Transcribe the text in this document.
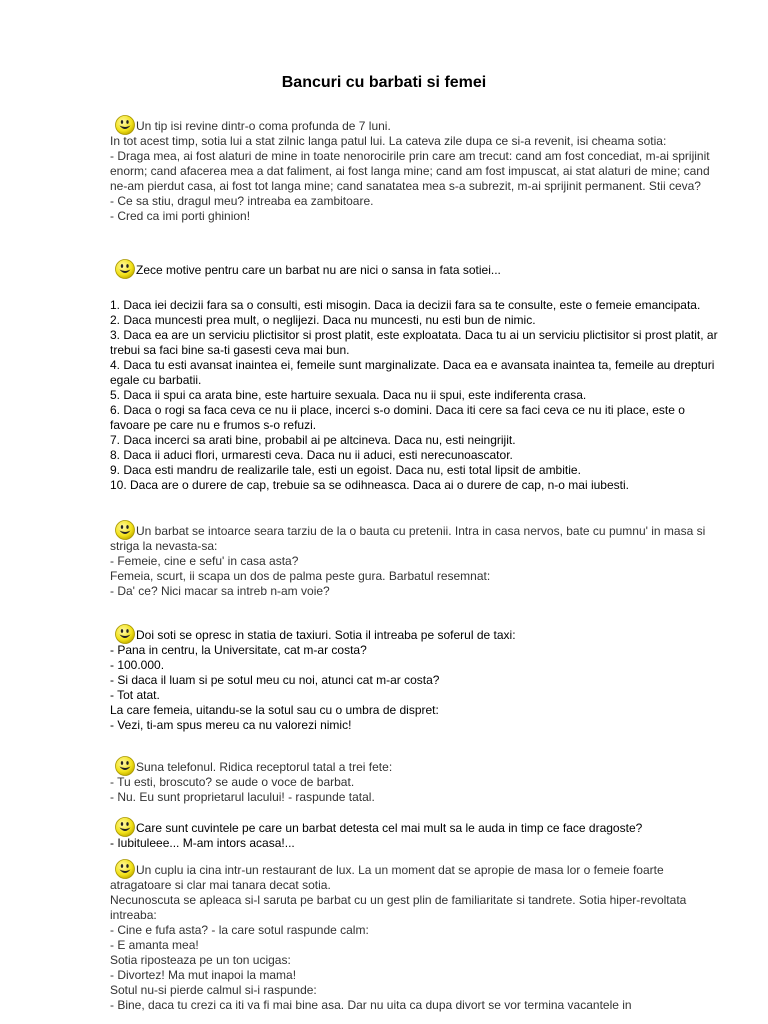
Bancuri cu barbati si femei
Un tip isi revine dintr-o coma profunda de 7 luni.
In tot acest timp, sotia lui a stat zilnic langa patul lui. La cateva zile dupa ce si-a revenit, isi cheama sotia:
- Draga mea, ai fost alaturi de mine in toate nenorocirile prin care am trecut: cand am fost concediat, m-ai sprijinit enorm; cand afacerea mea a dat faliment, ai fost langa mine; cand am fost impuscat, ai stat alaturi de mine; cand ne-am pierdut casa, ai fost tot langa mine; cand sanatatea mea s-a subrezit, m-ai sprijinit permanent. Stii ceva?
- Ce sa stiu, dragul meu? intreaba ea zambitoare.
- Cred ca imi porti ghinion!
Zece motive pentru care un barbat nu are nici o sansa in fata sotiei...
1. Daca iei decizii fara sa o consulti, esti misogin. Daca ia decizii fara sa te consulte, este o femeie emancipata.
2. Daca muncesti prea mult, o neglijezi. Daca nu muncesti, nu esti bun de nimic.
3. Daca ea are un serviciu plictisitor si prost platit, este exploatata. Daca tu ai un serviciu plictisitor si prost platit, ar trebui sa faci bine sa-ti gasesti ceva mai bun.
4. Daca tu esti avansat inaintea ei, femeile sunt marginalizate. Daca ea e avansata inaintea ta, femeile au drepturi egale cu barbatii.
5. Daca ii spui ca arata bine, este hartuire sexuala. Daca nu ii spui, este indiferenta crasa.
6. Daca o rogi sa faca ceva ce nu ii place, incerci s-o domini. Daca iti cere sa faci ceva ce nu iti place, este o favoare pe care nu e frumos s-o refuzi.
7. Daca incerci sa arati bine, probabil ai pe altcineva. Daca nu, esti neingrijit.
8. Daca ii aduci flori, urmaresti ceva. Daca nu ii aduci, esti nerecunoascator.
9. Daca esti mandru de realizarile tale, esti un egoist. Daca nu, esti total lipsit de ambitie.
10. Daca are o durere de cap, trebuie sa se odihneasca. Daca ai o durere de cap, n-o mai iubesti.
Un barbat se intoarce seara tarziu de la o bauta cu pretenii. Intra in casa nervos, bate cu pumnu' in masa si striga la nevasta-sa:
- Femeie, cine e sefu' in casa asta?
Femeia, scurt, ii scapa un dos de palma peste gura. Barbatul resemnat:
- Da' ce? Nici macar sa intreb n-am voie?
Doi soti se opresc in statia de taxiuri. Sotia il intreaba pe soferul de taxi:
- Pana in centru, la Universitate, cat m-ar costa?
- 100.000.
- Si daca il luam si pe sotul meu cu noi, atunci cat m-ar costa?
- Tot atat.
La care femeia, uitandu-se la sotul sau cu o umbra de dispret:
- Vezi, ti-am spus mereu ca nu valorezi nimic!
Suna telefonul. Ridica receptorul tatal a trei fete:
- Tu esti, broscuto? se aude o voce de barbat.
- Nu. Eu sunt proprietarul lacului! - raspunde tatal.
Care sunt cuvintele pe care un barbat detesta cel mai mult sa le auda in timp ce face dragoste?
- Iubituleee... M-am intors acasa!...
Un cuplu ia cina intr-un restaurant de lux. La un moment dat se apropie de masa lor o femeie foarte atragatoare si clar mai tanara decat sotia.
Necunoscuta se apleaca si-l saruta pe barbat cu un gest plin de familiaritate si tandrete. Sotia hiper-revoltata intreaba:
- Cine e fufa asta? - la care sotul raspunde calm:
- E amanta mea!
Sotia riposteaza pe un ton ucigas:
- Divortez! Ma mut inapoi la mama!
Sotul nu-si pierde calmul si-i raspunde:
- Bine, daca tu crezi ca iti va fi mai bine asa. Dar nu uita ca dupa divort se vor termina vacantele in
